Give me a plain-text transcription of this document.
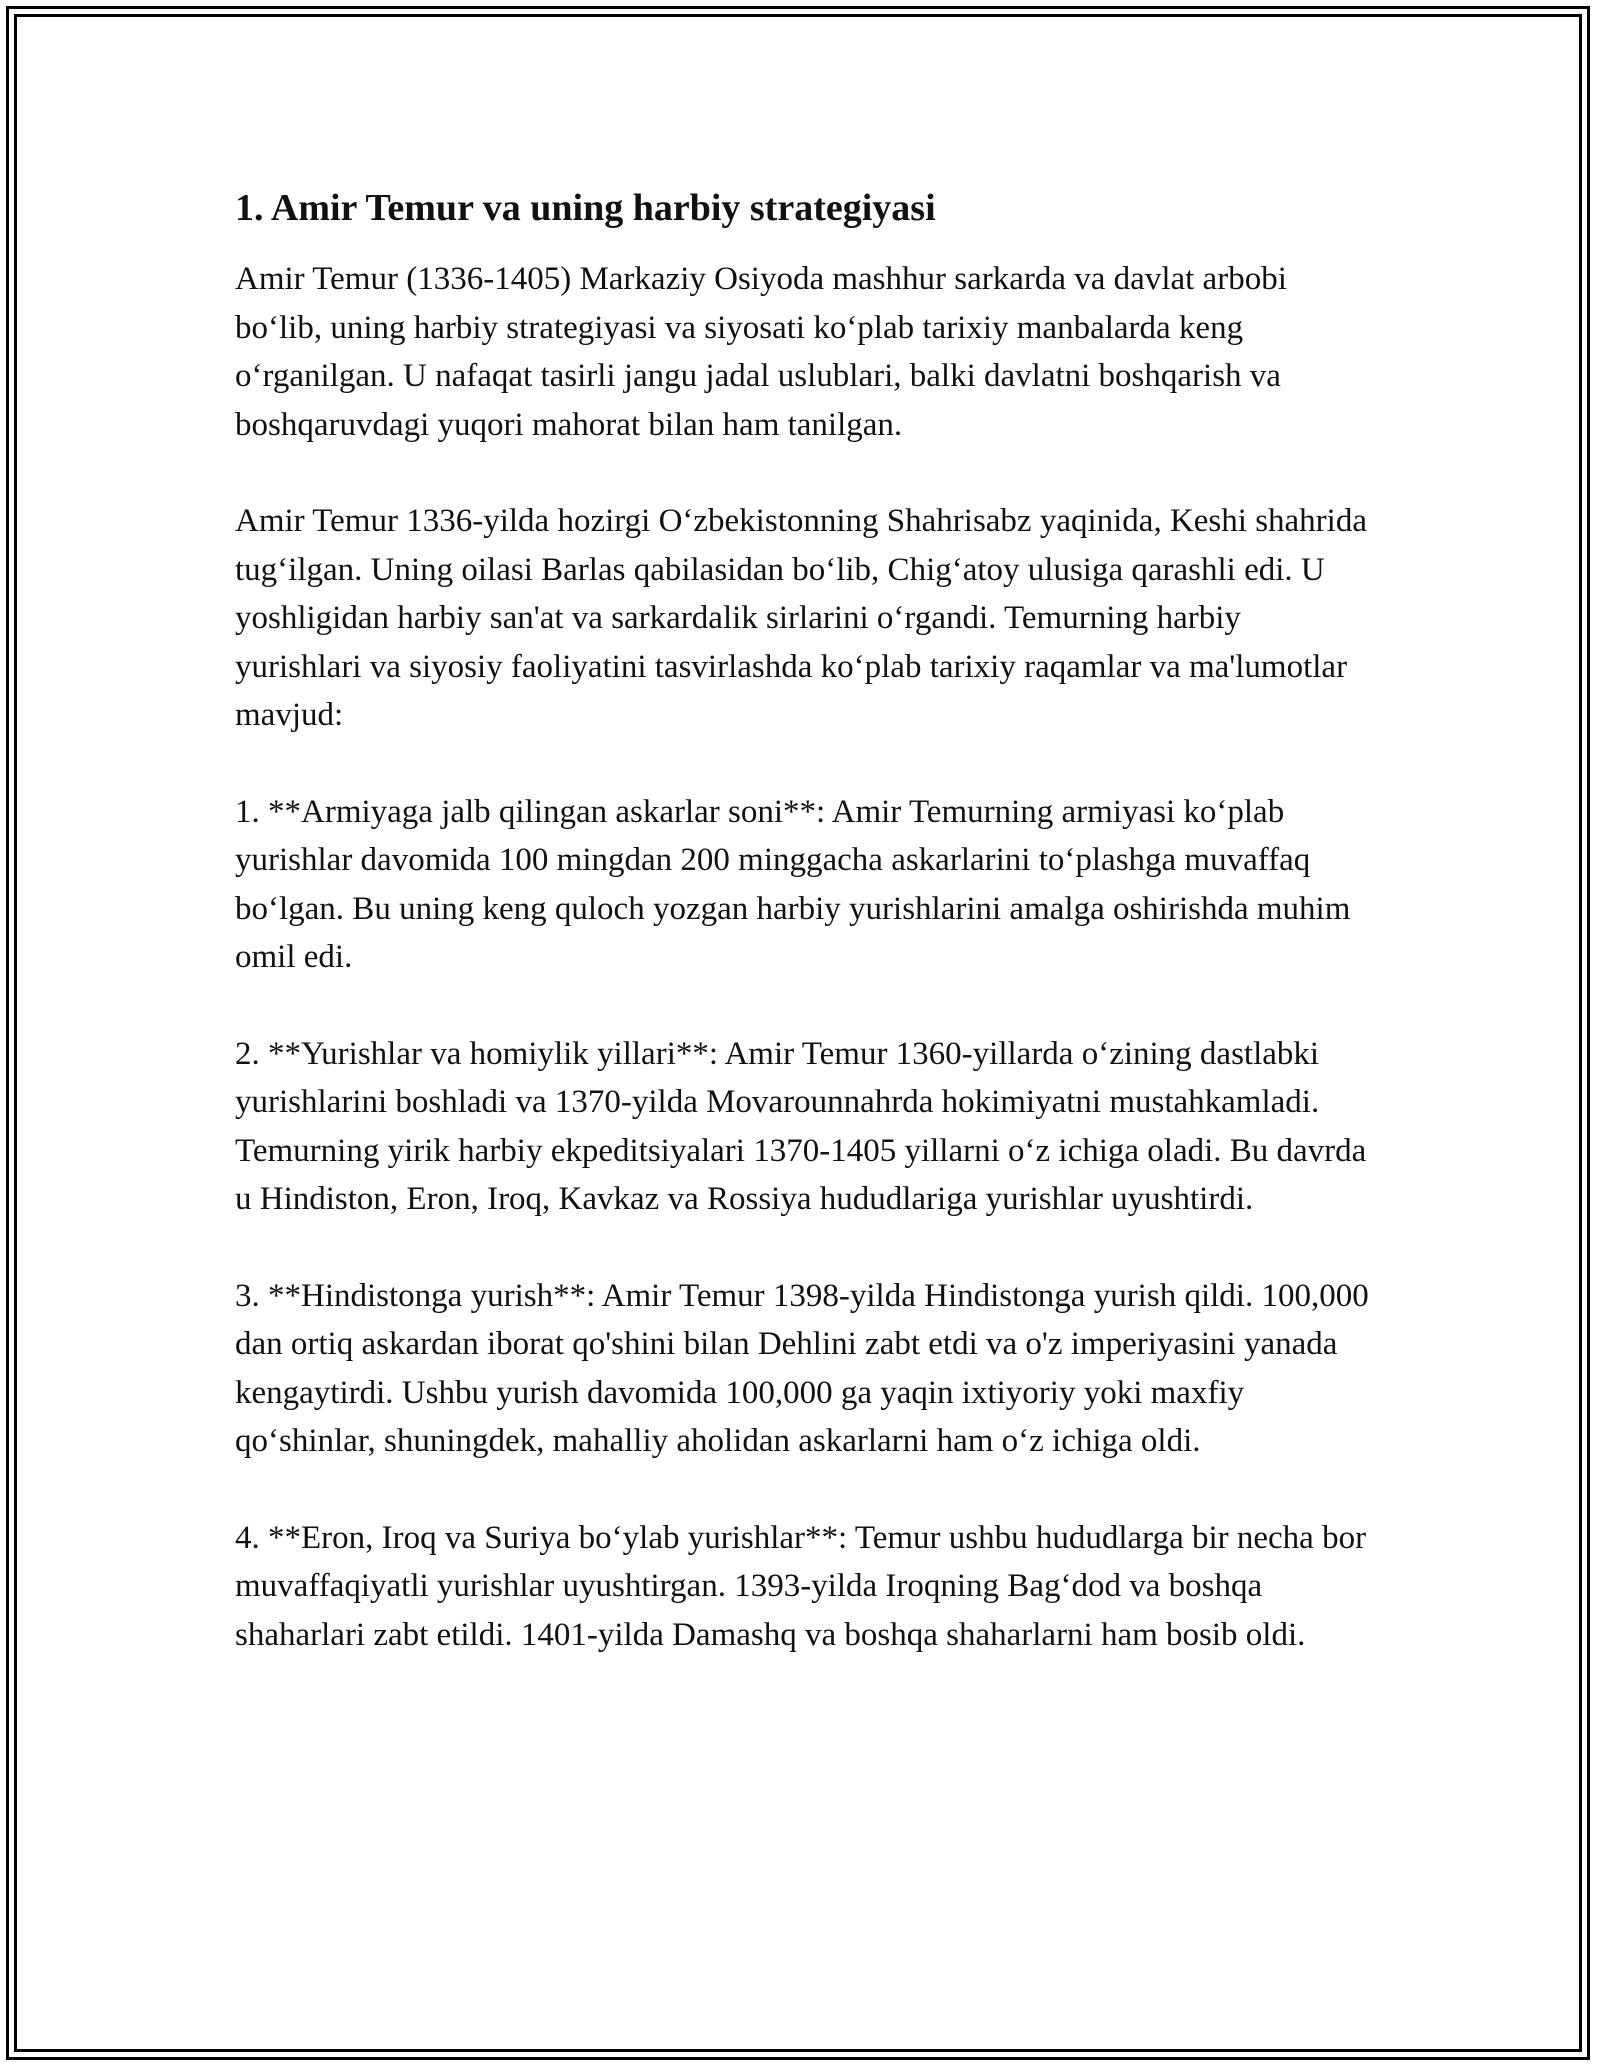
1. Amir Temur va uning harbiy strategiyasi

Amir Temur (1336-1405) Markaziy Osiyoda mashhur sarkarda va davlat arbobi bo‘lib, uning harbiy strategiyasi va siyosati ko‘plab tarixiy manbalarda keng o‘rganilgan. U nafaqat tasirli jangu jadal uslublari, balki davlatni boshqarish va boshqaruvdagi yuqori mahorat bilan ham tanilgan.

Amir Temur 1336-yilda hozirgi O‘zbekistonning Shahrisabz yaqinida, Keshi shahrida tug‘ilgan. Uning oilasi Barlas qabilasidan bo‘lib, Chig‘atoy ulusiga qarashli edi. U yoshligidan harbiy san'at va sarkardalik sirlarini o‘rgandi. Temurning harbiy yurishlari va siyosiy faoliyatini tasvirlashda ko‘plab tarixiy raqamlar va ma'lumotlar mavjud:

1. **Armiyaga jalb qilingan askarlar soni**: Amir Temurning armiyasi ko‘plab yurishlar davomida 100 mingdan 200 minggacha askarlarini to‘plashga muvaffaq bo‘lgan. Bu uning keng quloch yozgan harbiy yurishlarini amalga oshirishda muhim omil edi.

2. **Yurishlar va homiylik yillari**: Amir Temur 1360-yillarda o‘zining dastlabki yurishlarini boshladi va 1370-yilda Movarounnahrda hokimiyatni mustahkamladi. Temurning yirik harbiy ekpeditsiyalari 1370-1405 yillarni o‘z ichiga oladi. Bu davrda u Hindiston, Eron, Iroq, Kavkaz va Rossiya hududlariga yurishlar uyushtirdi.

3. **Hindistonga yurish**: Amir Temur 1398-yilda Hindistonga yurish qildi. 100,000 dan ortiq askardan iborat qo'shini bilan Dehlini zabt etdi va o'z imperiyasini yanada kengaytirdi. Ushbu yurish davomida 100,000 ga yaqin ixtiyoriy yoki maxfiy qo‘shinlar, shuningdek, mahalliy aholidan askarlarni ham o‘z ichiga oldi.

4. **Eron, Iroq va Suriya bo‘ylab yurishlar**: Temur ushbu hududlarga bir necha bor muvaffaqiyatli yurishlar uyushtirgan. 1393-yilda Iroqning Bag‘dod va boshqa shaharlari zabt etildi. 1401-yilda Damashq va boshqa shaharlarni ham bosib oldi.
